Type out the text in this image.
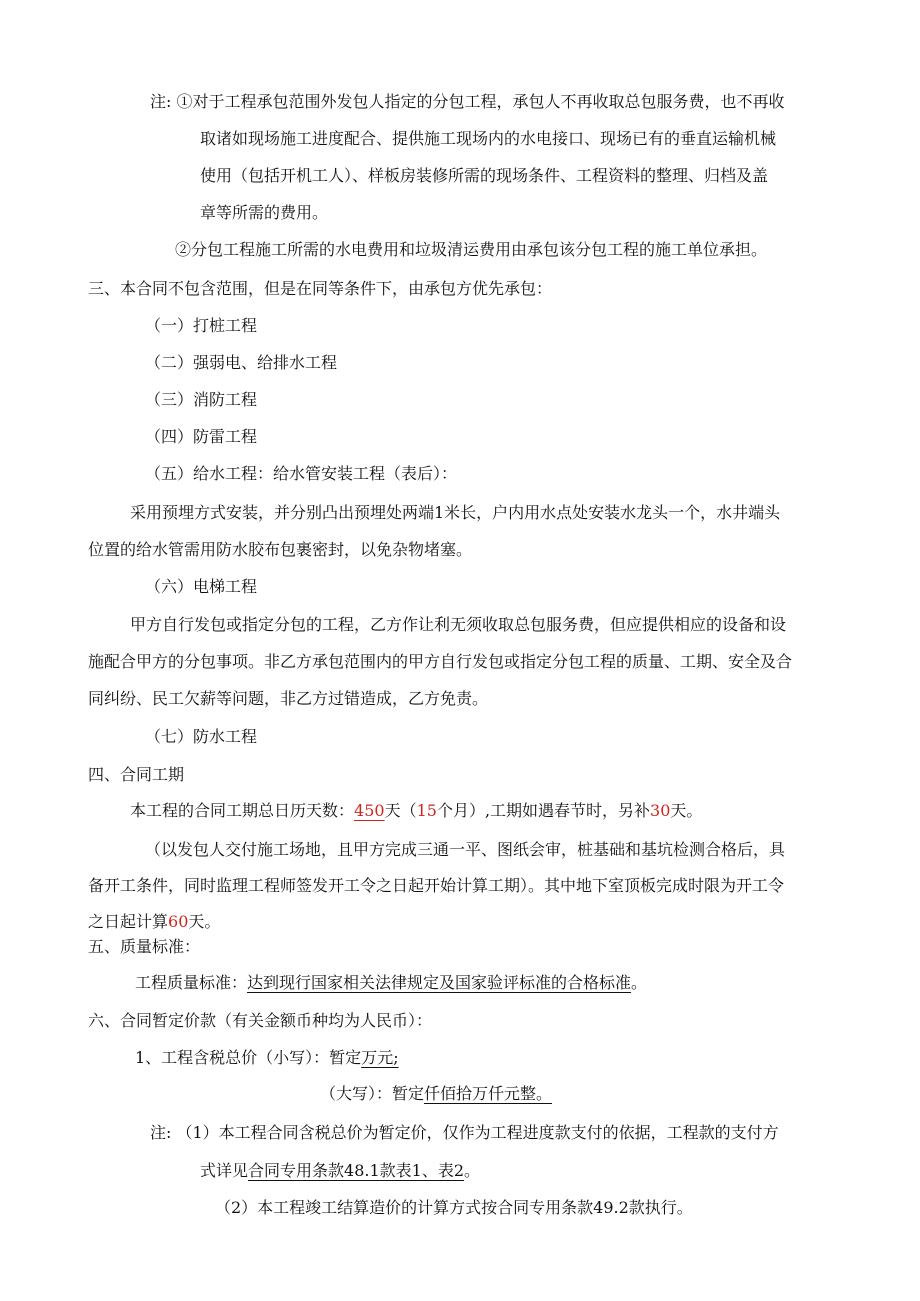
注: ①对于工程承包范围外发包人指定的分包工程，承包人不再收取总包服务费，也不再收
取诸如现场施工进度配合、提供施工现场内的水电接口、现场已有的垂直运输机械
使用（包括开机工人）、样板房装修所需的现场条件、工程资料的整理、归档及盖
章等所需的费用。
②分包工程施工所需的水电费用和垃圾清运费用由承包该分包工程的施工单位承担。
三、本合同不包含范围，但是在同等条件下，由承包方优先承包：
（一）打桩工程
（二）强弱电、给排水工程
（三）消防工程
（四）防雷工程
（五）给水工程：给水管安装工程（表后）：
采用预埋方式安装，并分别凸出预埋处两端1米长，户内用水点处安装水龙头一个，水井端头
位置的给水管需用防水胶布包裹密封，以免杂物堵塞。
（六）电梯工程
甲方自行发包或指定分包的工程，乙方作让利无须收取总包服务费，但应提供相应的设备和设
施配合甲方的分包事项。非乙方承包范围内的甲方自行发包或指定分包工程的质量、工期、安全及合
同纠纷、民工欠薪等问题，非乙方过错造成，乙方免责。
（七）防水工程
四、合同工期
本工程的合同工期总日历天数：450天（15个月）,工期如遇春节时，另补30天。
（以发包人交付施工场地，且甲方完成三通一平、图纸会审，桩基础和基坑检测合格后，具
备开工条件，同时监理工程师签发开工令之日起开始计算工期）。其中地下室顶板完成时限为开工令
之日起计算60天。
五、质量标准：
工程质量标准：达到现行国家相关法律规定及国家验评标准的合格标准。
六、合同暂定价款（有关金额币种均为人民币）：
1、工程含税总价（小写）：暂定万元;
（大写）：暂定仟佰拾万仟元整。
注: （1）本工程合同含税总价为暂定价，仅作为工程进度款支付的依据，工程款的支付方
式详见合同专用条款48.1款表1、表2。
（2）本工程竣工结算造价的计算方式按合同专用条款49.2款执行。
